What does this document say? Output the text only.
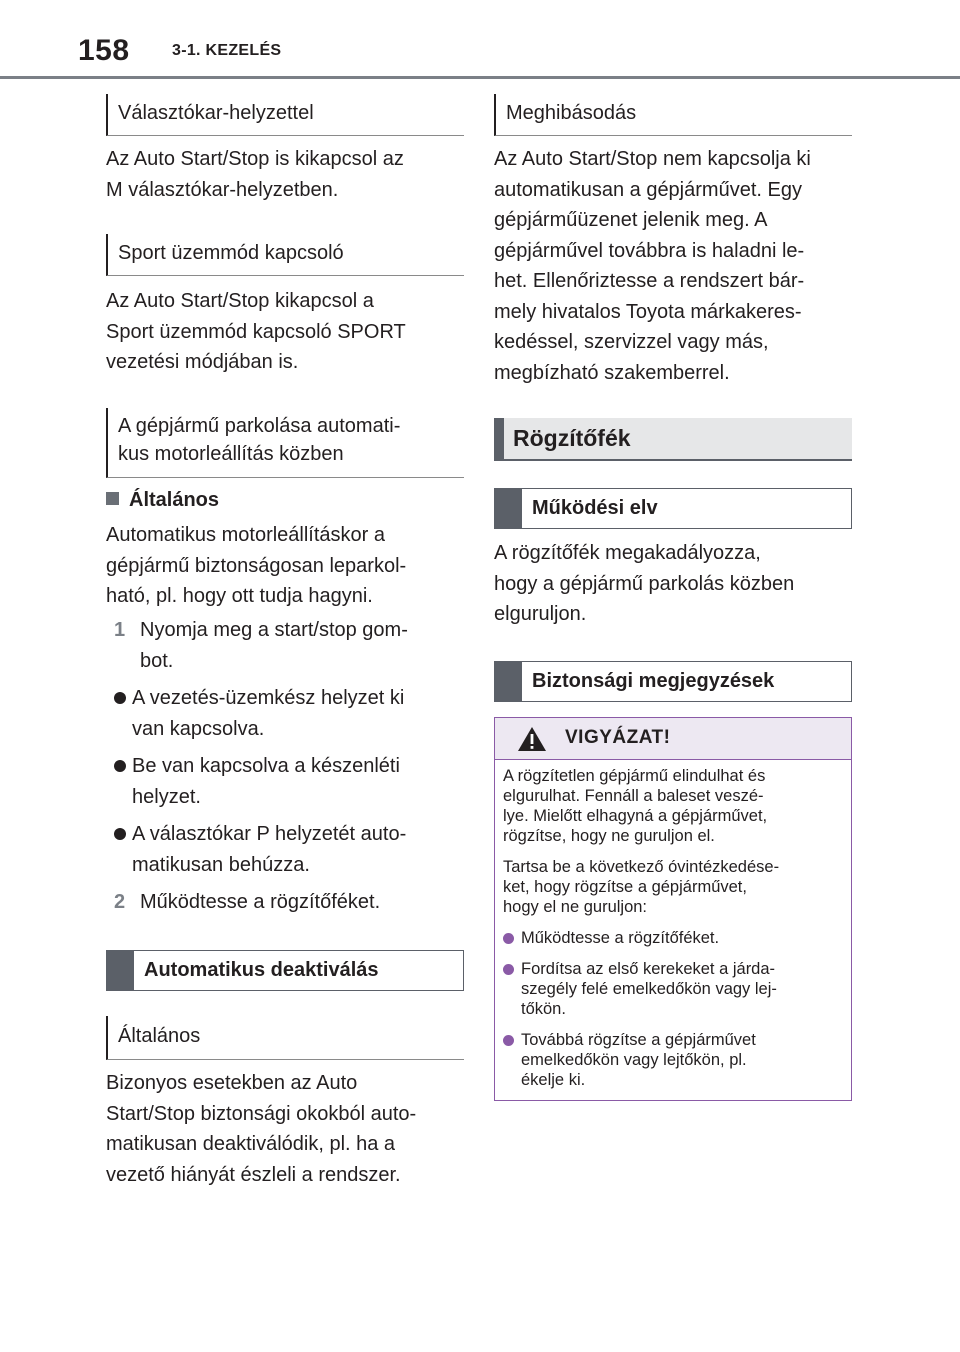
158	3-1. KEZELÉS
Választókar-helyzettel
Az Auto Start/Stop is kikapcsol az
M választókar-helyzetben.
Sport üzemmód kapcsoló
Az Auto Start/Stop kikapcsol a
Sport üzemmód kapcsoló SPORT
vezetési módjában is.
A gépjármű parkolása automati-
kus motorleállítás közben
Általános
Automatikus motorleállításkor a
gépjármű biztonságosan leparkol-
ható, pl. hogy ott tudja hagyni.
1 Nyomja meg a start/stop gom-
bot.
A vezetés-üzemkész helyzet ki
van kapcsolva.
Be van kapcsolva a készenléti
helyzet.
A választókar P helyzetét auto-
matikusan behúzza.
2 Működtesse a rögzítőféket.
Automatikus deaktiválás
Általános
Bizonyos esetekben az Auto
Start/Stop biztonsági okokból auto-
matikusan deaktiválódik, pl. ha a
vezető hiányát észleli a rendszer.
Meghibásodás
Az Auto Start/Stop nem kapcsolja ki
automatikusan a gépjárművet. Egy
gépjárműüzenet jelenik meg. A
gépjárművel továbbra is haladni le-
het. Ellenőriztesse a rendszert bár-
mely hivatalos Toyota márkakeres-
kedéssel, szervizzel vagy más,
megbízható szakemberrel.
Rögzítőfék
Működési elv
A rögzítőfék megakadályozza,
hogy a gépjármű parkolás közben
elguruljon.
Biztonsági megjegyzések
VIGYÁZAT!

A rögzítetlen gépjármű elindulhat és
elgurulhat. Fennáll a baleset veszé-
lye. Mielőtt elhagyná a gépjárművet,
rögzítse, hogy ne guruljon el.

Tartsa be a következő óvintézkedése-
ket, hogy rögzítse a gépjárművet,
hogy el ne guruljon:

Működtesse a rögzítőféket.
Fordítsa az első kerekeket a járda-
szegély felé emelkedőkön vagy lej-
tőkön.
Továbbá rögzítse a gépjárművet
emelkedőkön vagy lejtőkön, pl.
ékelje ki.
